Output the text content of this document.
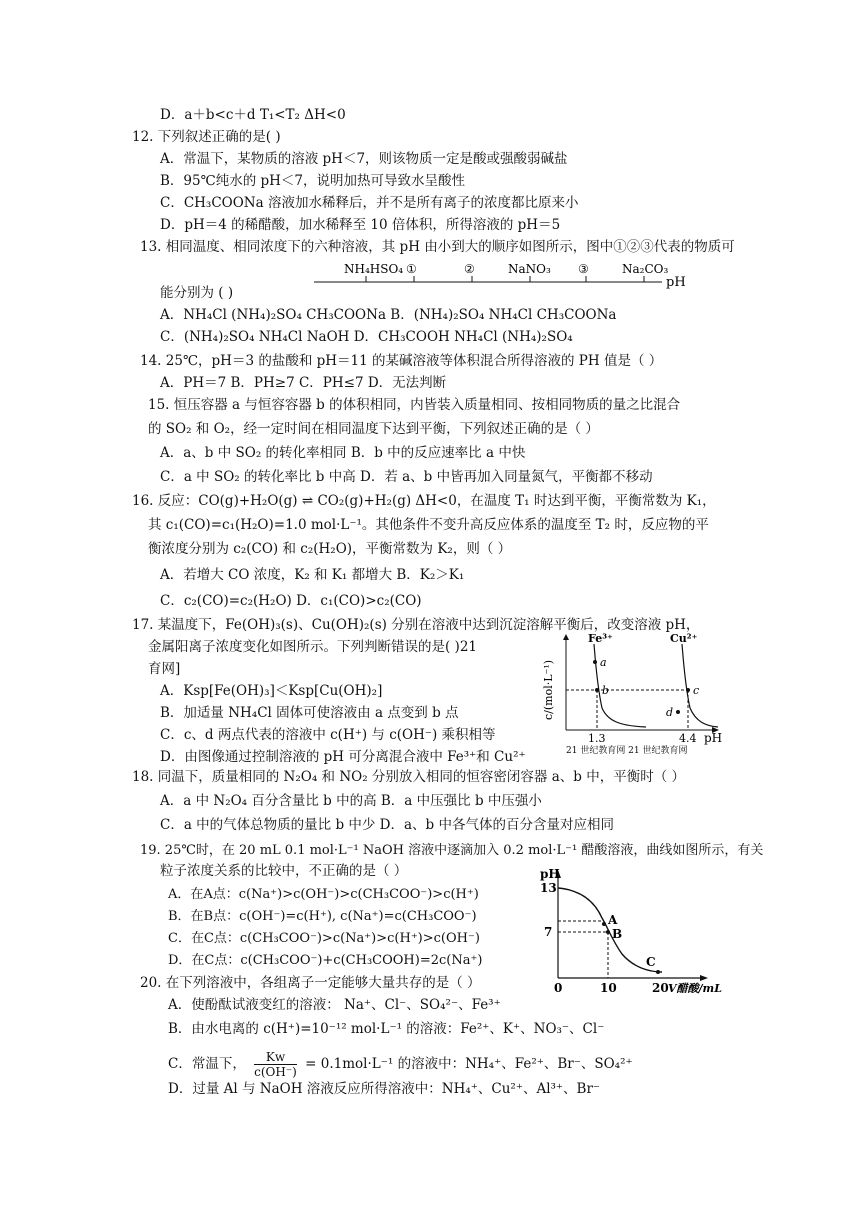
D．a＋b<c＋d T₁<T₂ ΔH<0
12. 下列叙述正确的是( )
A．常温下，某物质的溶液 pH＜7，则该物质一定是酸或强酸弱碱盐
B．95℃纯水的 pH＜7，说明加热可导致水呈酸性
C．CH₃COONa 溶液加水稀释后，并不是所有离子的浓度都比原来小
D．pH＝4 的稀醋酸，加水稀释至 10 倍体积，所得溶液的 pH＝5
13. 相同温度、相同浓度下的六种溶液，其 pH 由小到大的顺序如图所示，图中①②③代表的物质可
NH₄HSO₄ ①	②	NaNO₃ ③	Na₂CO₃
pH
能分别为 ( )
A．NH₄Cl (NH₄)₂SO₄ CH₃COONa B．(NH₄)₂SO₄ NH₄Cl CH₃COONa
C．(NH₄)₂SO₄ NH₄Cl NaOH D．CH₃COOH NH₄Cl (NH₄)₂SO₄
14. 25℃，pH＝3 的盐酸和 pH＝11 的某碱溶液等体积混合所得溶液的 PH 值是（ ）
A．PH＝7 B．PH≥7 C．PH≤7 D．无法判断
15. 恒压容器 a 与恒容容器 b 的体积相同，内皆装入质量相同、按相同物质的量之比混合
的 SO₂ 和 O₂，经一定时间在相同温度下达到平衡，下列叙述正确的是（ ）
A．a、b 中 SO₂ 的转化率相同 B．b 中的反应速率比 a 中快
C．a 中 SO₂ 的转化率比 b 中高 D．若 a、b 中皆再加入同量氮气，平衡都不移动
16. 反应：CO(g)+H₂O(g) ⇌ CO₂(g)+H₂(g) ΔH<0，在温度 T₁ 时达到平衡，平衡常数为 K₁，
其 c₁(CO)=c₁(H₂O)=1.0 mol·L⁻¹。其他条件不变升高反应体系的温度至 T₂ 时，反应物的平
衡浓度分别为 c₂(CO) 和 c₂(H₂O)，平衡常数为 K₂，则（ ）
A．若增大 CO 浓度，K₂ 和 K₁ 都增大 B．K₂＞K₁
C．c₂(CO)=c₂(H₂O) D．c₁(CO)>c₂(CO)
17. 某温度下，Fe(OH)₃(s)、Cu(OH)₂(s) 分别在溶液中达到沉淀溶解平衡后，改变溶液 pH，
金属阳离子浓度变化如图所示。下列判断错误的是( )21
育网]
A．Ksp[Fe(OH)₃]＜Ksp[Cu(OH)₂]
B．加适量 NH₄Cl 固体可使溶液由 a 点变到 b 点
C．c、d 两点代表的溶液中 c(H⁺) 与 c(OH⁻) 乘积相等
D．由图像通过控制溶液的 pH 可分离混合液中 Fe³⁺和 Cu²⁺	21 世纪教育网 21 世纪教育网
c/(mol·L⁻¹)
pH
Fe³⁺	Cu²⁺
a
b	c
d
1.3	4.4
18. 同温下，质量相同的 N₂O₄ 和 NO₂ 分别放入相同的恒容密闭容器 a、b 中，平衡时（ ）
A．a 中 N₂O₄ 百分含量比 b 中的高 B．a 中压强比 b 中压强小
C．a 中的气体总物质的量比 b 中少 D．a、b 中各气体的百分含量对应相同
19. 25℃时，在 20 mL 0.1 mol·L⁻¹ NaOH 溶液中逐滴加入 0.2 mol·L⁻¹ 醋酸溶液，曲线如图所示，有关
粒子浓度关系的比较中，不正确的是（ ）
A．在A点：c(Na⁺)>c(OH⁻)>c(CH₃COO⁻)>c(H⁺)
B．在B点：c(OH⁻)=c(H⁺), c(Na⁺)=c(CH₃COO⁻)
C．在C点：c(CH₃COO⁻)>c(Na⁺)>c(H⁺)>c(OH⁻)
D．在C点：c(CH₃COO⁻)+c(CH₃COOH)=2c(Na⁺)
pH
13
7
A
B
C
0	10	20 V醋酸/mL
20. 在下列溶液中，各组离子一定能够大量共存的是（ ）
A．使酚酞试液变红的溶液： Na⁺、Cl⁻、SO₄²⁻、Fe³⁺
B．由水电离的 c(H⁺)=10⁻¹² mol·L⁻¹ 的溶液：Fe²⁺、K⁺、NO₃⁻、Cl⁻
C．常温下， $\frac{Kw}{c(OH^-)} = 0.1mol\cdot L^{-1}$ 的溶液中：NH₄⁺、Fe²⁺、Br⁻、SO₄²⁺
D．过量 Al 与 NaOH 溶液反应所得溶液中：NH₄⁺、Cu²⁺、Al³⁺、Br⁻
